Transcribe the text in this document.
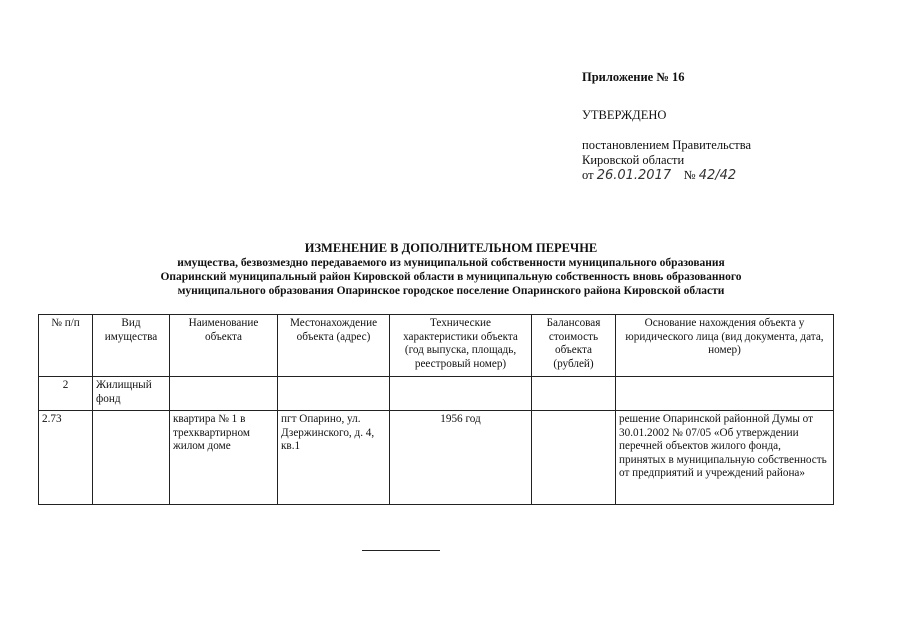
Приложение № 16
УТВЕРЖДЕНО
постановлением Правительства
Кировской области
от 26.01.2017 № 42/42
ИЗМЕНЕНИЕ В ДОПОЛНИТЕЛЬНОМ ПЕРЕЧНЕ
имущества, безвозмездно передаваемого из муниципальной собственности муниципального образования
Опаринский муниципальный район Кировской области в муниципальную собственность вновь образованного
муниципального образования Опаринское городское поселение Опаринского района Кировской области
№ п/п	Вид имущества	Наименование объекта	Местонахождение объекта (адрес)	Технические характеристики объекта (год выпуска, площадь, реестровый номер)	Балансовая стоимость объекта (рублей)	Основание нахождения объекта у юридического лица (вид документа, дата, номер)
2	Жилищный фонд					
2.73		квартира № 1 в трехквартирном жилом доме	пгт Опарино, ул. Дзержинского, д. 4, кв.1	1956 год		решение Опаринской районной Думы от 30.01.2002 № 07/05 «Об утверждении перечней объектов жилого фонда, принятых в муниципальную собственность от предприятий и учреждений района»
